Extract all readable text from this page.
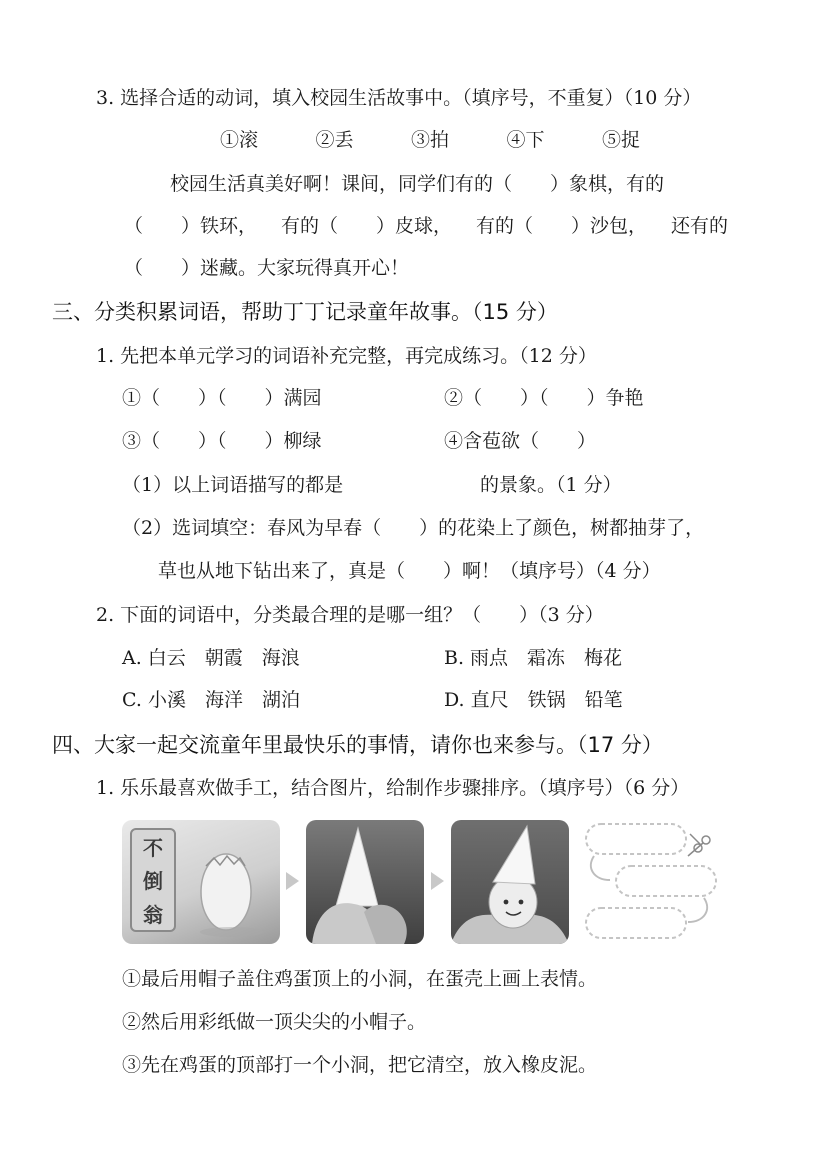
3. 选择合适的动词，填入校园生活故事中。（填序号，不重复）（10 分）
①滚	②丢	③拍	④下	⑤捉
校园生活真美好啊！课间，同学们有的（　　）象棋，有的
（　　）铁环， 有的（　　）皮球， 有的（　　）沙包， 还有的
（　　）迷藏。大家玩得真开心！
三、分类积累词语，帮助丁丁记录童年故事。（15 分）
1. 先把本单元学习的词语补充完整，再完成练习。（12 分）
①（　　）（　　）满园	②（　　）（　　）争艳
③（　　）（　　）柳绿	④含苞欲（　　）
（1）以上词语描写的都是	的景象。（1 分）
（2）选词填空：春风为早春（　　）的花染上了颜色，树都抽芽了，
草也从地下钻出来了，真是（　　）啊！（填序号）（4 分）
2. 下面的词语中，分类最合理的是哪一组？（　　）（3 分）
A. 白云　朝霞　海浪	B. 雨点　霜冻　梅花
C. 小溪　海洋　湖泊	D. 直尺　铁锅　铅笔
四、大家一起交流童年里最快乐的事情，请你也来参与。（17 分）
1. 乐乐最喜欢做手工，结合图片，给制作步骤排序。（填序号）（6 分）
不
倒
翁
①最后用帽子盖住鸡蛋顶上的小洞，在蛋壳上画上表情。
②然后用彩纸做一顶尖尖的小帽子。
③先在鸡蛋的顶部打一个小洞，把它清空，放入橡皮泥。
